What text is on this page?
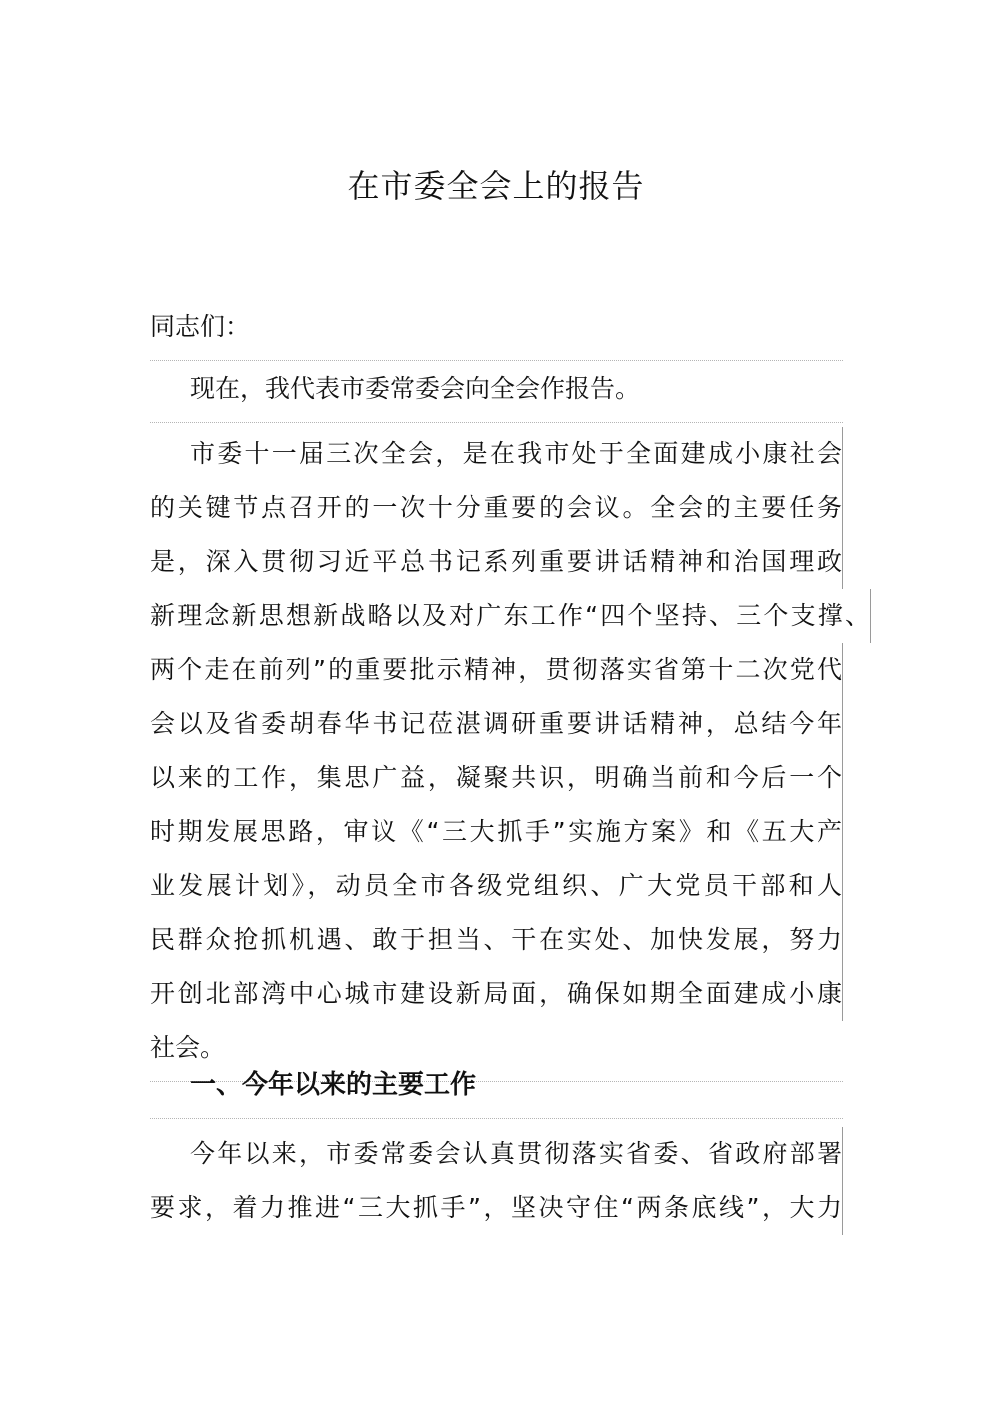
在市委全会上的报告
同志们：
现在，我代表市委常委会向全会作报告。
市委十一届三次全会，是在我市处于全面建成小康社会
的关键节点召开的一次十分重要的会议。全会的主要任务
是，深入贯彻习近平总书记系列重要讲话精神和治国理政
新理念新思想新战略以及对广东工作“四个坚持、三个支撑、
两个走在前列”的重要批示精神，贯彻落实省第十二次党代
会以及省委胡春华书记莅湛调研重要讲话精神，总结今年
以来的工作，集思广益，凝聚共识，明确当前和今后一个
时期发展思路，审议《“三大抓手”实施方案》和《五大产
业发展计划》，动员全市各级党组织、广大党员干部和人
民群众抢抓机遇、敢于担当、干在实处、加快发展，努力
开创北部湾中心城市建设新局面，确保如期全面建成小康
社会。
一、今年以来的主要工作
今年以来，市委常委会认真贯彻落实省委、省政府部署
要求，着力推进“三大抓手”，坚决守住“两条底线”，大力
